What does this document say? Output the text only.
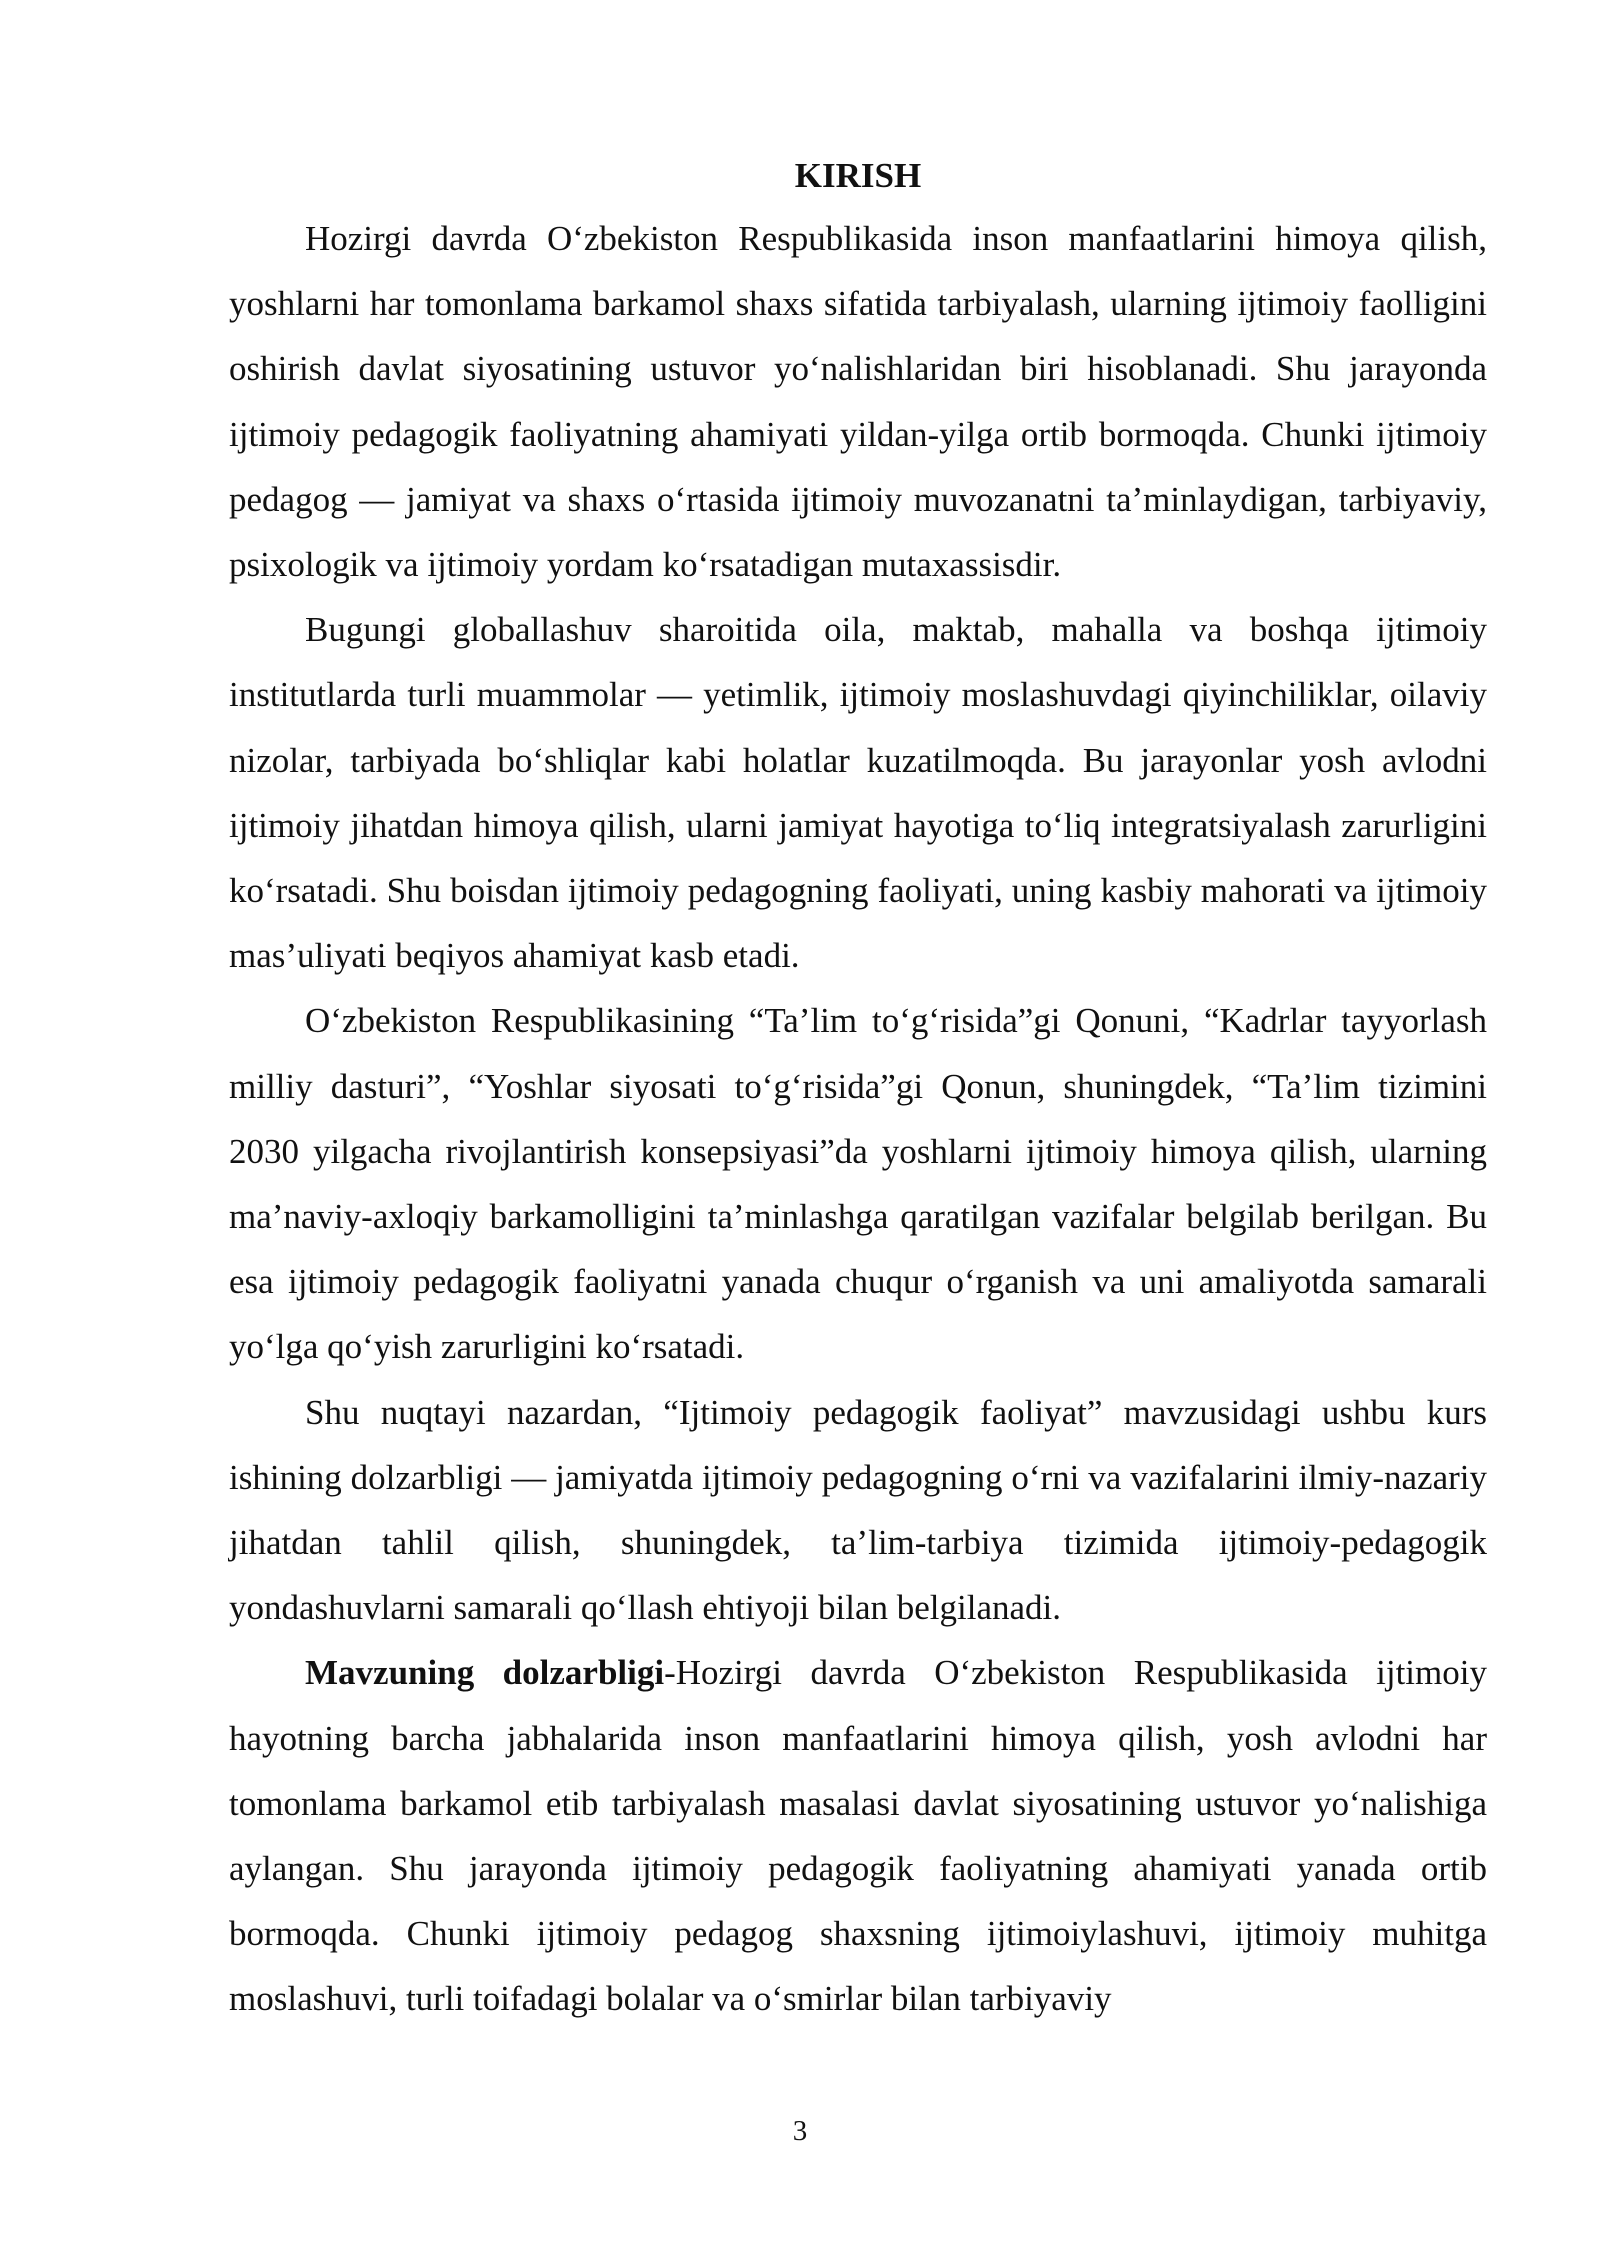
KIRISH

Hozirgi davrda O‘zbekiston Respublikasida inson manfaatlarini himoya qilish, yoshlarni har tomonlama barkamol shaxs sifatida tarbiyalash, ularning ijtimoiy faolligini oshirish davlat siyosatining ustuvor yo‘nalishlaridan biri hisoblanadi. Shu jarayonda ijtimoiy pedagogik faoliyatning ahamiyati yildan-yilga ortib bormoqda. Chunki ijtimoiy pedagog — jamiyat va shaxs o‘rtasida ijtimoiy muvozanatni ta’minlaydigan, tarbiyaviy, psixologik va ijtimoiy yordam ko‘rsatadigan mutaxassisdir.

Bugungi globallashuv sharoitida oila, maktab, mahalla va boshqa ijtimoiy institutlarda turli muammolar — yetimlik, ijtimoiy moslashuvdagi qiyinchiliklar, oilaviy nizolar, tarbiyada bo‘shliqlar kabi holatlar kuzatilmoqda. Bu jarayonlar yosh avlodni ijtimoiy jihatdan himoya qilish, ularni jamiyat hayotiga to‘liq integratsiyalash zarurligini ko‘rsatadi. Shu boisdan ijtimoiy pedagogning faoliyati, uning kasbiy mahorati va ijtimoiy mas’uliyati beqiyos ahamiyat kasb etadi.

O‘zbekiston Respublikasining “Ta’lim to‘g‘risida”gi Qonuni, “Kadrlar tayyorlash milliy dasturi”, “Yoshlar siyosati to‘g‘risida”gi Qonun, shuningdek, “Ta’lim tizimini 2030 yilgacha rivojlantirish konsepsiyasi”da yoshlarni ijtimoiy himoya qilish, ularning ma’naviy-axloqiy barkamolligini ta’minlashga qaratilgan vazifalar belgilab berilgan. Bu esa ijtimoiy pedagogik faoliyatni yanada chuqur o‘rganish va uni amaliyotda samarali yo‘lga qo‘yish zarurligini ko‘rsatadi.

Shu nuqtayi nazardan, “Ijtimoiy pedagogik faoliyat” mavzusidagi ushbu kurs ishining dolzarbligi — jamiyatda ijtimoiy pedagogning o‘rni va vazifalarini ilmiy-nazariy jihatdan tahlil qilish, shuningdek, ta’lim-tarbiya tizimida ijtimoiy-pedagogik yondashuvlarni samarali qo‘llash ehtiyoji bilan belgilanadi.

Mavzuning dolzarbligi-Hozirgi davrda O‘zbekiston Respublikasida ijtimoiy hayotning barcha jabhalarida inson manfaatlarini himoya qilish, yosh avlodni har tomonlama barkamol etib tarbiyalash masalasi davlat siyosatining ustuvor yo‘nalishiga aylangan. Shu jarayonda ijtimoiy pedagogik faoliyatning ahamiyati yanada ortib bormoqda. Chunki ijtimoiy pedagog shaxsning ijtimoiylashuvi, ijtimoiy muhitga moslashuvi, turli toifadagi bolalar va o‘smirlar bilan tarbiyaviy

3
